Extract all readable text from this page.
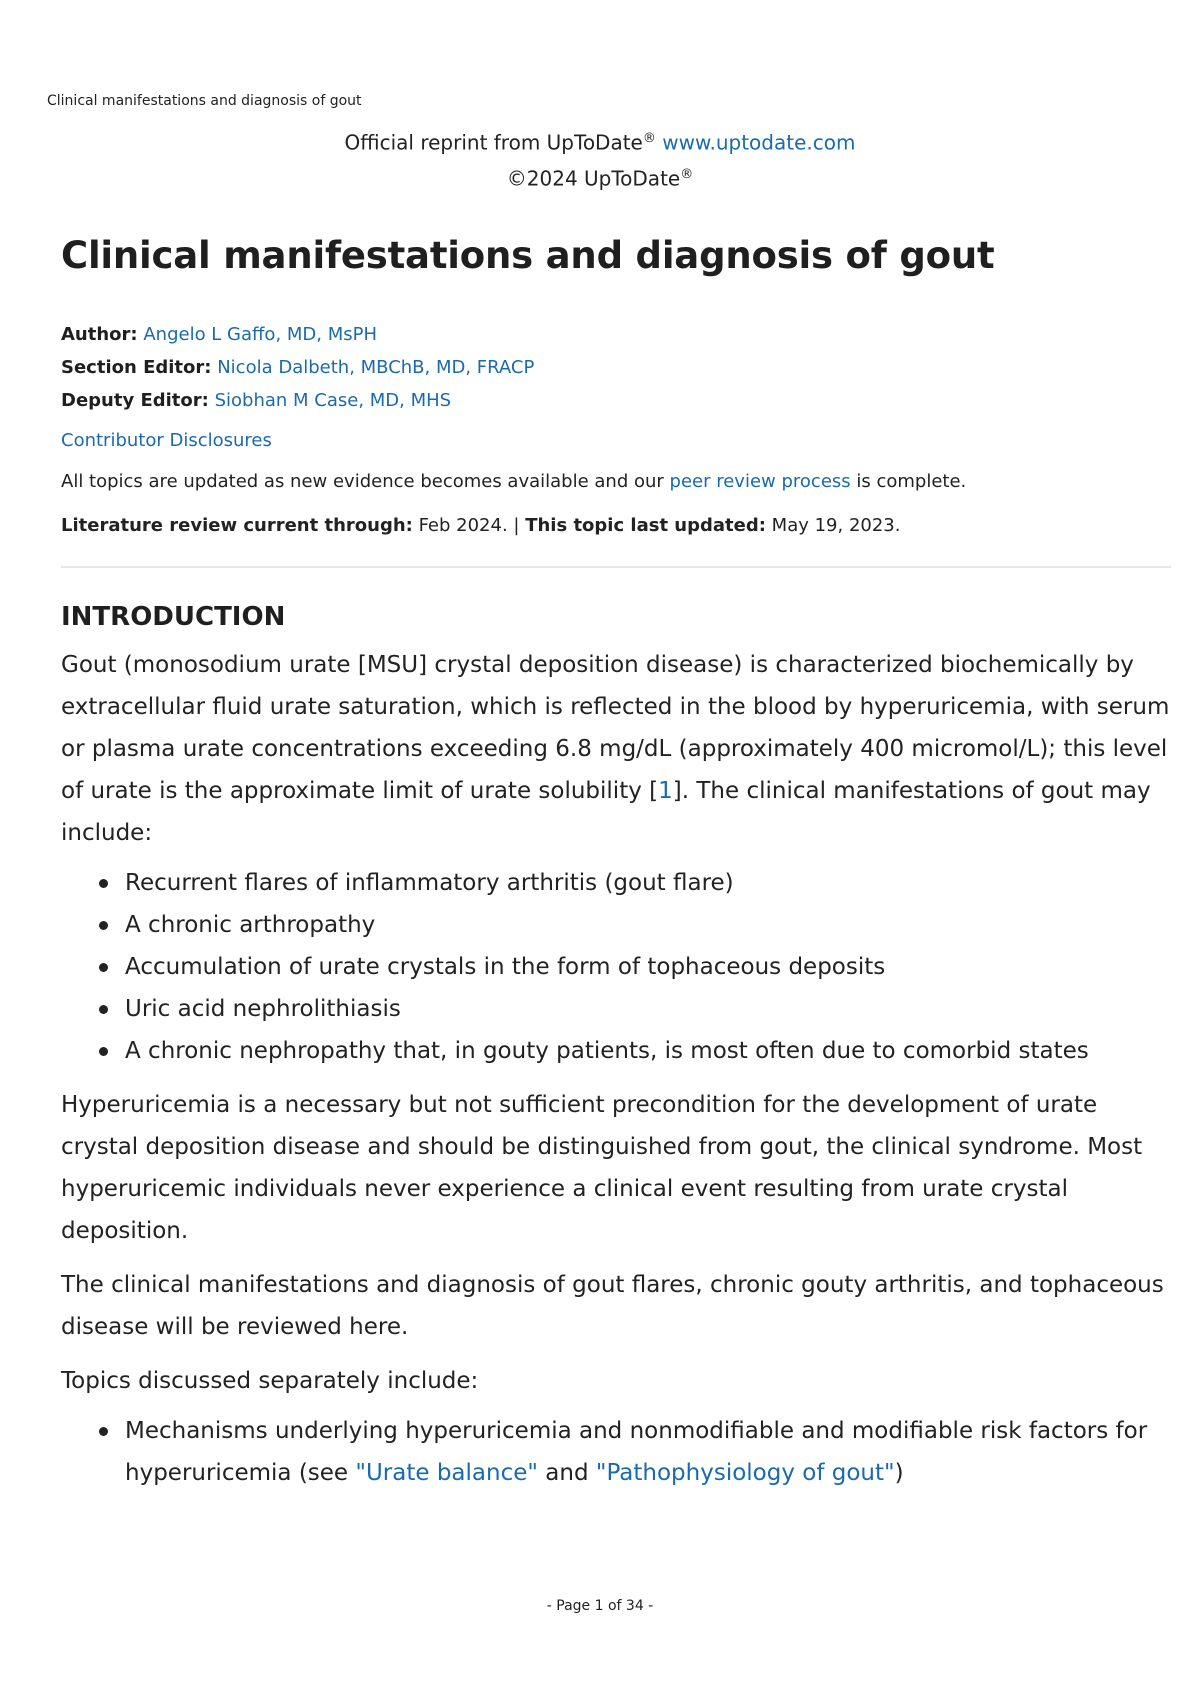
Clinical manifestations and diagnosis of gout
Official reprint from UpToDate® www.uptodate.com
©2024 UpToDate®
Clinical manifestations and diagnosis of gout
Author: Angelo L Gaffo, MD, MsPH
Section Editor: Nicola Dalbeth, MBChB, MD, FRACP
Deputy Editor: Siobhan M Case, MD, MHS
Contributor Disclosures
All topics are updated as new evidence becomes available and our peer review process is complete.
Literature review current through: Feb 2024. | This topic last updated: May 19, 2023.
INTRODUCTION

Gout (monosodium urate [MSU] crystal deposition disease) is characterized biochemically by extracellular fluid urate saturation, which is reflected in the blood by hyperuricemia, with serum or plasma urate concentrations exceeding 6.8 mg/dL (approximately 400 micromol/L); this level of urate is the approximate limit of urate solubility [1]. The clinical manifestations of gout may include:

Recurrent flares of inflammatory arthritis (gout flare)
A chronic arthropathy
Accumulation of urate crystals in the form of tophaceous deposits
Uric acid nephrolithiasis
A chronic nephropathy that, in gouty patients, is most often due to comorbid states

Hyperuricemia is a necessary but not sufficient precondition for the development of urate crystal deposition disease and should be distinguished from gout, the clinical syndrome. Most hyperuricemic individuals never experience a clinical event resulting from urate crystal deposition.

The clinical manifestations and diagnosis of gout flares, chronic gouty arthritis, and tophaceous disease will be reviewed here.

Topics discussed separately include:

Mechanisms underlying hyperuricemia and nonmodifiable and modifiable risk factors for hyperuricemia (see "Urate balance" and "Pathophysiology of gout")
- Page 1 of 34 -
